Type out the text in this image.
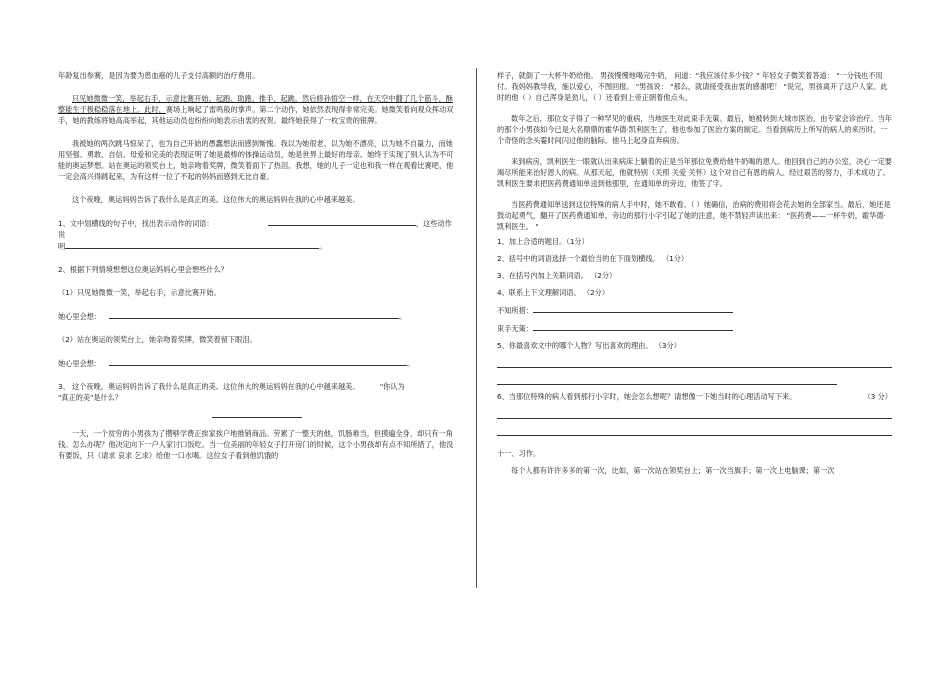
年龄复出参赛，是因为要为患血癌的儿子支付高额的治疗费用。

只见她微微一笑，举起右手，示意比赛开始。起跑、助跑、推手、起跳，然后修孙悟空一样，在天空中翻了几个筋斗，酥整能生于极稳稳落在地上。此时，赛场上响起了雷鸣般的掌声。第二个动作，她依然表现得非常完美。她微笑着向观众挥动双手，她的教练将她高高举起，其他运动员也纷纷向她表示由衷的祝贺。最终她获得了一枚宝贵的银牌。

我被她的两次跳马惊呆了，也为自己开始的愚蠢想法而感到惭愧。我以为她很老、以为她不漂亮，以为她不自量力，而她用坚强、勇敢、自信、母爱和完美的表现证明了她是最棒的体操运动员，她是世界上最好的母亲。她终于实现了别人认为不可能的奥运梦想。站在奥运的领奖台上，她亲吻着奖牌，微笑着面下了热泪。我想，她的儿子一定也和我一样在观看比赛吧，他一定会高兴得跳起来，为有这样一位了不起的妈妈而感到无比自豪。

这个夜晚，奥运妈妈告诉了我什么是真正的美。这位伟大的奥运妈妈在我的心中越来越美。

1、文中划横线的句子中，找出表示动作的词语：	，这些动作说
明	。
2、根据下列情境想想这位奥运妈妈心里会想些什么？
（1）只见她微微一笑，举起右手，示意比赛开始。
她心里会想：	。
（2）站在奥运的领奖台上，她亲吻着奖牌，微笑着留下眼泪。
她心里会想：	。
3、 这个夜晚，奥运妈妈告诉了我什么是真正的美。这位伟大的奥运妈妈在我的心中越来越美。	"你认为
"真正的美"是什么？

一天，一个贫穷的小男孩为了攒够学费正挨家挨户地推销商品。劳累了一整天的他，饥肠难当，但摸遍全身，却只有一角钱。怎么办呢？他决定向下一户人家讨口饭吃。当一位美丽的年轻女子打开房门的时候，这个小男孩却有点不知所措了，他没有要饭，只（请求 哀求 乞求）给他一口水喝。这位女子看到他饥饿的

样子，就倒了一大杯牛奶给他。 男孩慢慢地喝完牛奶， 问道："我应该付多少钱？" 年轻女子微笑着答道： "一分钱也不用付。我妈妈教导我，施以爱心，不图回报。 "男孩说： "那么，就请接受我由衷的感谢吧！ "说完，男孩离开了这户人家。此时的他（ ）自己浑身是劲儿，（ ）还看到上帝正朝着他点头。

数年之后，那位女子得了一种罕见的重病，当地医生对此束手无策。最后，她被转到大城市医治，由专家会诊治疗。当年的那个小男孩如今已是大名鼎鼎的霍华德·凯利医生了，他也参加了医治方案的制定。当看到病历上所写的病人的来历时，一个奇怪的念头霎时间闪过他的脑际。他马上起身直奔病房。

来到病房，凯利医生一眼就认出来病床上躺着的正是当年那位免费给他牛奶喝的恩人。他回到自己的办公室，决心一定要竭尽所能来治好恩人的病。从那天起，他就特别（关照 关爱 关怀）这个对自己有恩的病人。经过艰苦的努力，手术成功了。凯利医生要求把医药费通知单送到他那里，在通知单的旁边，他签了字。

当医药费通知单送到这位特殊的病人手中时，她不敢看。（ ）她确信，治病的费用将会花去她的全部家当。最后，她还是鼓动起勇气，翻开了医药费通知单，旁边的那行小字引起了她的注意，她不禁轻声读出来： "医药费——一杯牛奶，霍华德·凯利医生。 "

1、加上合适的题目。（1分）
2、括号中的词语选择一个最恰当的在下面划横线。 （1分）
3、在括号内加上关联词语。 （2分）
4、联系上下文理解词语。 （2分）
不知所措：
束手无策：
5、你最喜欢文中的哪个人物？写出喜欢的理由。 （3分）
6、当那位特殊的病人看到那行小字时，她会怎么想呢？请想像一下她当时的心理活动写下来。	（3 分）
十一、习作。

每个人都有许许多多的第一次，比如，第一次站在领奖台上；第一次当旗手；第一次上电脑课；第一次
